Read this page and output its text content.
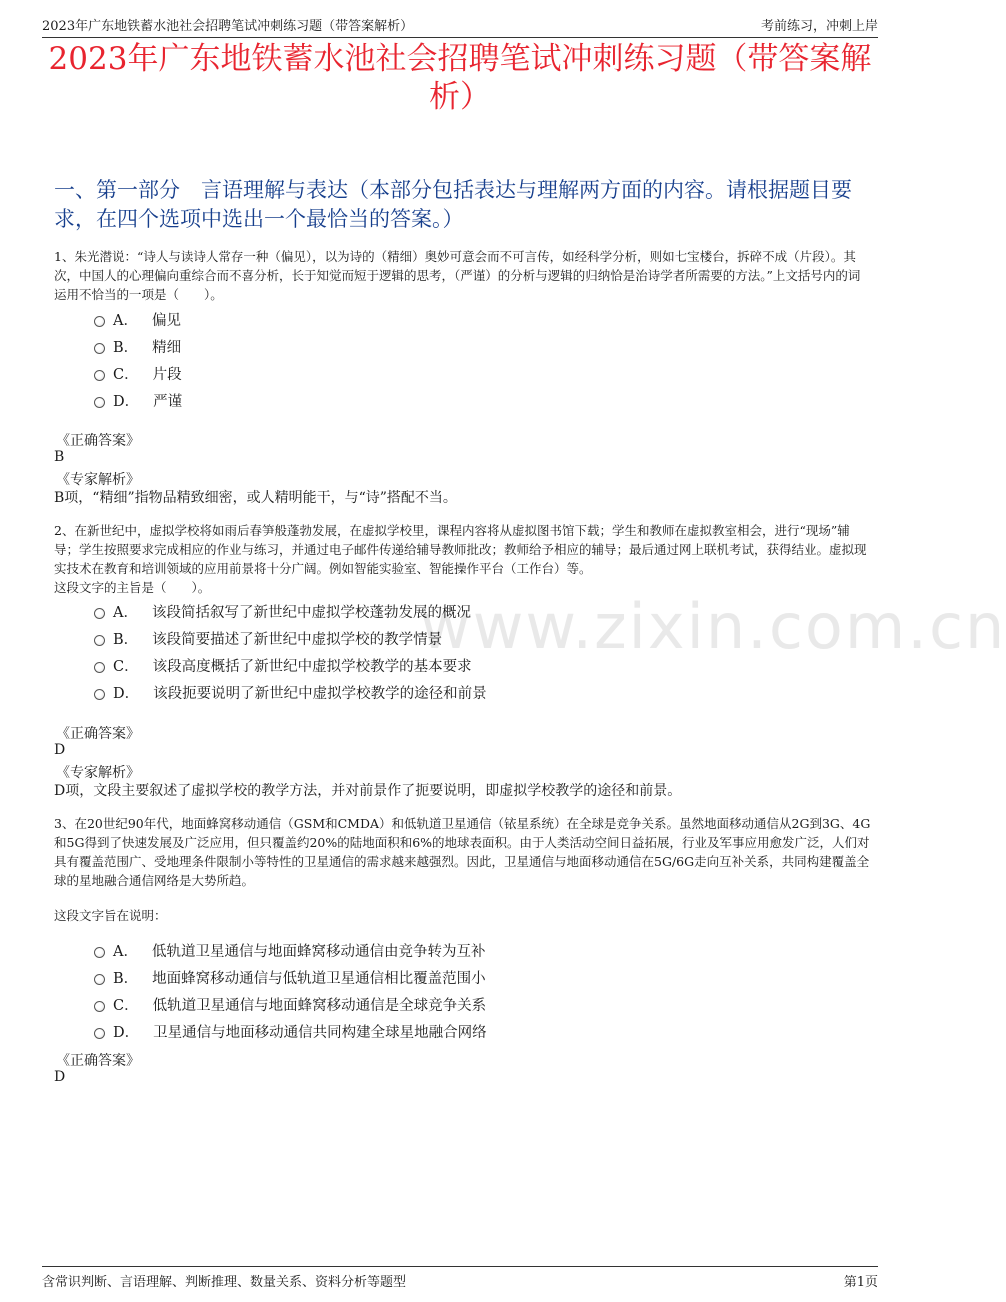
2023年广东地铁蓄水池社会招聘笔试冲刺练习题（带答案解析）	考前练习，冲刺上岸
www.zixin.com.cn
2023年广东地铁蓄水池社会招聘笔试冲刺练习题（带答案解析）
一、第一部分　言语理解与表达（本部分包括表达与理解两方面的内容。请根据题目要求，在四个选项中选出一个最恰当的答案。）
1、朱光潜说：“诗人与读诗人常存一种（偏见），以为诗的（精细）奥妙可意会而不可言传，如经科学分析，则如七宝楼台，拆碎不成（片段）。其次，中国人的心理偏向重综合而不喜分析，长于知觉而短于逻辑的思考，（严谨）的分析与逻辑的归纳恰是治诗学者所需要的方法。”上文括号内的词运用不恰当的一项是（　　）。
A． 偏见
B． 精细
C． 片段
D． 严谨
《正确答案》
B
《专家解析》
B项，“精细”指物品精致细密，或人精明能干，与“诗”搭配不当。
2、在新世纪中，虚拟学校将如雨后春笋般蓬勃发展，在虚拟学校里，课程内容将从虚拟图书馆下载；学生和教师在虚拟教室相会，进行“现场”辅导；学生按照要求完成相应的作业与练习，并通过电子邮件传递给辅导教师批改；教师给予相应的辅导；最后通过网上联机考试，获得结业。虚拟现实技术在教育和培训领域的应用前景将十分广阔。例如智能实验室、智能操作平台（工作台）等。
这段文字的主旨是（　　）。
A． 该段简括叙写了新世纪中虚拟学校蓬勃发展的概况
B． 该段简要描述了新世纪中虚拟学校的教学情景
C． 该段高度概括了新世纪中虚拟学校教学的基本要求
D． 该段扼要说明了新世纪中虚拟学校教学的途径和前景
《正确答案》
D
《专家解析》
D项，文段主要叙述了虚拟学校的教学方法，并对前景作了扼要说明，即虚拟学校教学的途径和前景。
3、在20世纪90年代，地面蜂窝移动通信（GSM和CMDA）和低轨道卫星通信（铱星系统）在全球是竞争关系。虽然地面移动通信从2G到3G、4G和5G得到了快速发展及广泛应用，但只覆盖约20%的陆地面积和6%的地球表面积。由于人类活动空间日益拓展，行业及军事应用愈发广泛，人们对具有覆盖范围广、受地理条件限制小等特性的卫星通信的需求越来越强烈。因此，卫星通信与地面移动通信在5G/6G走向互补关系，共同构建覆盖全球的星地融合通信网络是大势所趋。
这段文字旨在说明：
A． 低轨道卫星通信与地面蜂窝移动通信由竞争转为互补
B． 地面蜂窝移动通信与低轨道卫星通信相比覆盖范围小
C． 低轨道卫星通信与地面蜂窝移动通信是全球竞争关系
D． 卫星通信与地面移动通信共同构建全球星地融合网络
《正确答案》
D
含常识判断、言语理解、判断推理、数量关系、资料分析等题型	第1页
